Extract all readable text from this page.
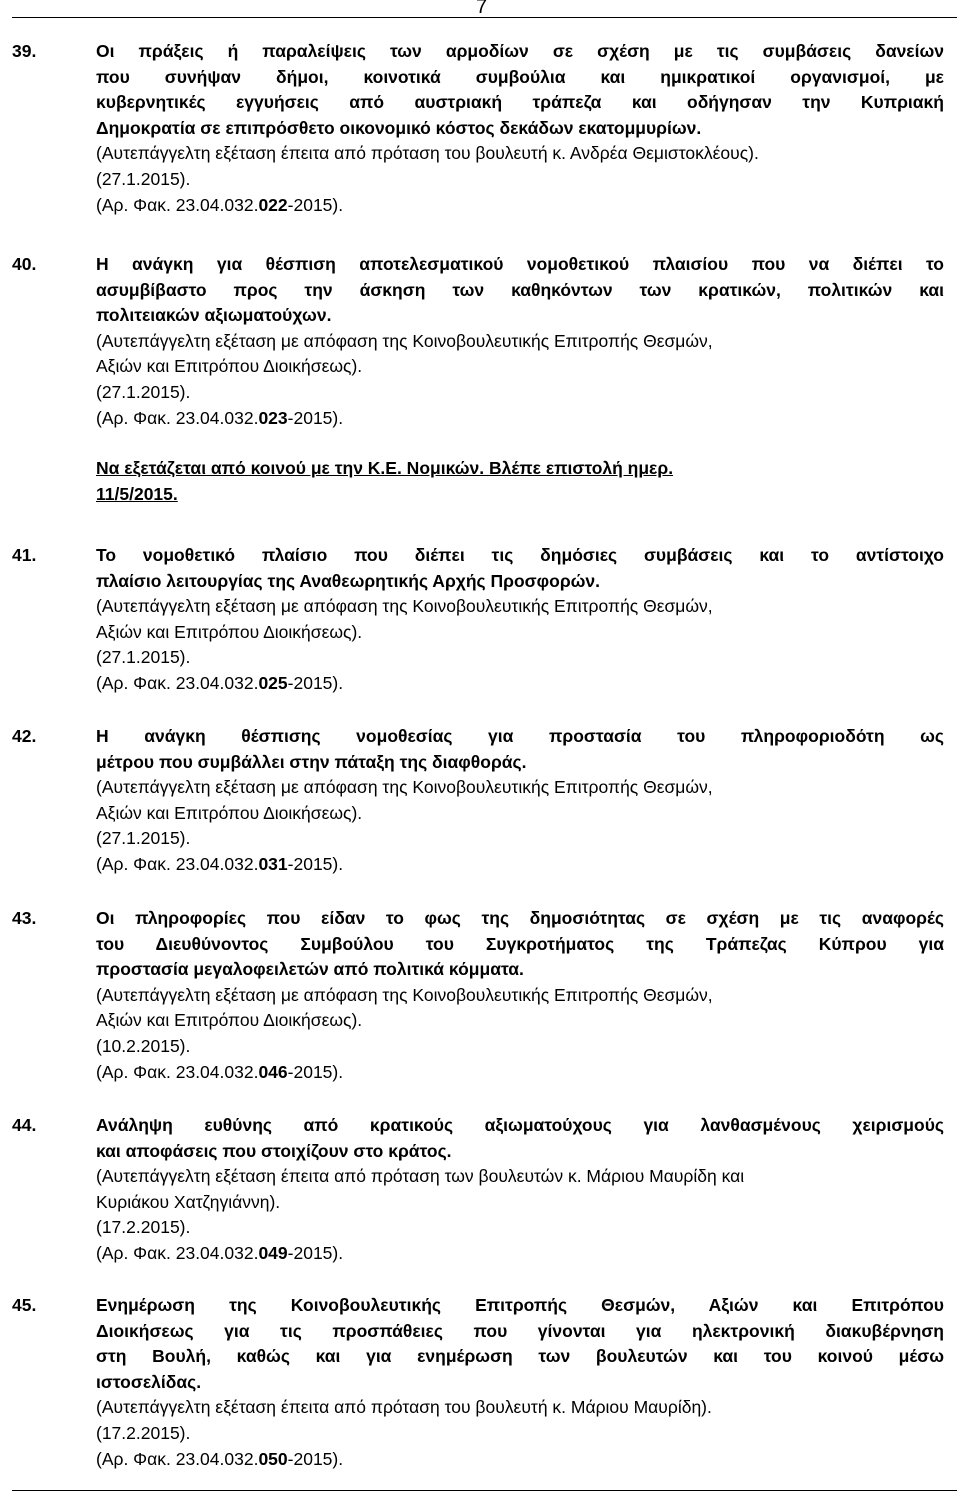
7
39.	Οι πράξεις ή παραλείψεις των αρμοδίων σε σχέση με τις συμβάσεις δανείων
που συνήψαν δήμοι, κοινοτικά συμβούλια και ημικρατικοί οργανισμοί, με
κυβερνητικές εγγυήσεις από αυστριακή τράπεζα και οδήγησαν την Κυπριακή
Δημοκρατία σε επιπρόσθετο οικονομικό κόστος δεκάδων εκατομμυρίων.
(Αυτεπάγγελτη εξέταση έπειτα από πρόταση του βουλευτή κ. Ανδρέα Θεμιστοκλέους).
(27.1.2015).
(Αρ. Φακ. 23.04.032.022-2015).
40.	Η ανάγκη για θέσπιση αποτελεσματικού νομοθετικού πλαισίου που να διέπει το
ασυμβίβαστο προς την άσκηση των καθηκόντων των κρατικών, πολιτικών και
πολιτειακών αξιωματούχων.
(Αυτεπάγγελτη εξέταση με απόφαση της Κοινοβουλευτικής Επιτροπής Θεσμών,
Αξιών και Επιτρόπου Διοικήσεως).
(27.1.2015).
(Αρ. Φακ. 23.04.032.023-2015).
Να εξετάζεται από κοινού με την Κ.Ε. Νομικών. Βλέπε επιστολή ημερ.
11/5/2015.
41.	Το νομοθετικό πλαίσιο που διέπει τις δημόσιες συμβάσεις και το αντίστοιχο
πλαίσιο λειτουργίας της Αναθεωρητικής Αρχής Προσφορών.
(Αυτεπάγγελτη εξέταση με απόφαση της Κοινοβουλευτικής Επιτροπής Θεσμών,
Αξιών και Επιτρόπου Διοικήσεως).
(27.1.2015).
(Αρ. Φακ. 23.04.032.025-2015).
42.	Η ανάγκη θέσπισης νομοθεσίας για προστασία του πληροφοριοδότη ως
μέτρου που συμβάλλει στην πάταξη της διαφθοράς.
(Αυτεπάγγελτη εξέταση με απόφαση της Κοινοβουλευτικής Επιτροπής Θεσμών,
Αξιών και Επιτρόπου Διοικήσεως).
(27.1.2015).
(Αρ. Φακ. 23.04.032.031-2015).
43.	Οι πληροφορίες που είδαν το φως της δημοσιότητας σε σχέση με τις αναφορές
του Διευθύνοντος Συμβούλου του Συγκροτήματος της Τράπεζας Κύπρου για
προστασία μεγαλοφειλετών από πολιτικά κόμματα.
(Αυτεπάγγελτη εξέταση με απόφαση της Κοινοβουλευτικής Επιτροπής Θεσμών,
Αξιών και Επιτρόπου Διοικήσεως).
(10.2.2015).
(Αρ. Φακ. 23.04.032.046-2015).
44.	Ανάληψη ευθύνης από κρατικούς αξιωματούχους για λανθασμένους χειρισμούς
και αποφάσεις που στοιχίζουν στο κράτος.
(Αυτεπάγγελτη εξέταση έπειτα από πρόταση των βουλευτών κ. Μάριου Μαυρίδη και
Κυριάκου Χατζηγιάννη).
(17.2.2015).
(Αρ. Φακ. 23.04.032.049-2015).
45.	Ενημέρωση της Κοινοβουλευτικής Επιτροπής Θεσμών, Αξιών και Επιτρόπου
Διοικήσεως για τις προσπάθειες που γίνονται για ηλεκτρονική διακυβέρνηση
στη Βουλή, καθώς και για ενημέρωση των βουλευτών και του κοινού μέσω
ιστοσελίδας.
(Αυτεπάγγελτη εξέταση έπειτα από πρόταση του βουλευτή κ. Μάριου Μαυρίδη).
(17.2.2015).
(Αρ. Φακ. 23.04.032.050-2015).
